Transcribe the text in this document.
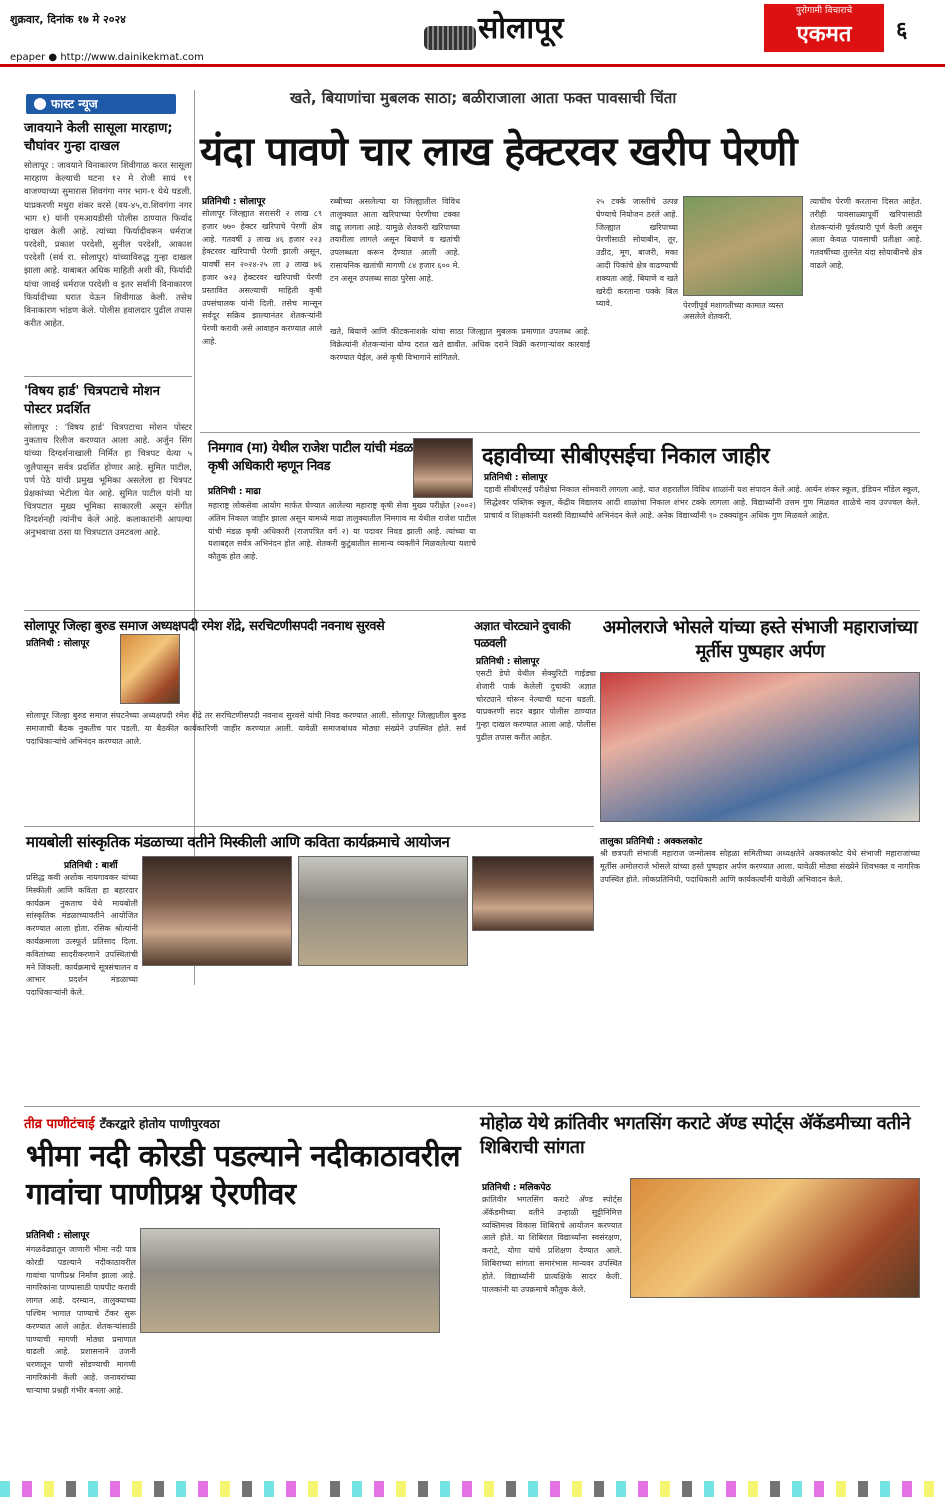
शुक्रवार, दिनांक १७ मे २०२४
epaper ● http://www.dainikekmat.com
सोलापूर	पुरोगामी विचाराचे
एकमत	६
फास्ट न्यूज
जावयाने केली सासूला मारहाण; चौघांवर गुन्हा दाखल
सोलापूर : जावयाने विनाकारण शिवीगाळ करत सासूला मारहाण केल्याची घटना १२ मे रोजी सायं ११ वाजण्याच्या सुमारास शिवगंगा नगर भाग-१ येथे घडली. याप्रकरणी मधुरा शंकर वरसे (वय-४५,रा.शिवगंगा नगर भाग १) यांनी एमआयडीसी पोलीस ठाण्यात फिर्याद दाखल केली आहे. त्यांच्या फिर्यादीवरून धर्मराज परदेशी, प्रकाश परदेशी, सुनील परदेशी, आकाश परदेशी (सर्व रा. सोलापूर) यांच्याविरुद्ध गुन्हा दाखल झाला आहे. याबाबत अधिक माहिती अशी की, फिर्यादी यांचा जावई धर्मराज परदेशी व इतर सर्वांनी विनाकारण फिर्यादीच्या घरात येऊन शिवीगाळ केली. तसेच विनाकारण भांडण केले. पोलीस हवालदार पुढील तपास करीत आहेत.
'विषय हार्ड' चित्रपटाचे मोशन पोस्टर प्रदर्शित
सोलापूर : 'विषय हार्ड' चित्रपटाचा मोशन पोस्टर नुकताच रिलीज करण्यात आला आहे. अर्जुन सिंग यांच्या दिग्दर्शनाखाली निर्मित हा चित्रपट येत्या ५ जुलैपासून सर्वत्र प्रदर्शित होणार आहे. सुमित पाटील, पर्ण पेठे यांची प्रमुख भूमिका असलेला हा चित्रपट प्रेक्षकांच्या भेटीला येत आहे. सुमित पाटील यांनी या चित्रपटात मुख्य भूमिका साकारली असून संगीत दिग्दर्शनही त्यांनीच केले आहे. कलाकारांनी आपल्या अनुभवाचा ठसा या चित्रपटात उमटवला आहे.
खते, बियाणांचा मुबलक साठा; बळीराजाला आता फक्त पावसाची चिंता
यंदा पावणे चार लाख हेक्टरवर खरीप पेरणी
प्रतिनिधी : सोलापूर
सोलापूर जिल्ह्यात सरासरी २ लाख ८९ हजार ७७० हेक्टर खरिपाचे पेरणी क्षेत्र आहे. गतवर्षी ३ लाख ४६ हजार २२३ हेक्टरवर खरिपाची पेरणी झाली असून, यावर्षी सन २०२४-२५ ला ३ लाख ७६ हजार ७२३ हेक्टरवर खरिपाची पेरणी प्रस्तावित असल्याची माहिती कृषी उपसंचालक यांनी दिली. तसेच मान्सून सर्वदूर सक्रिय झाल्यानंतर शेतकऱ्यांनी पेरणी करावी असे आवाहन करण्यात आले आहे.
रब्बीच्या असलेल्या या जिल्ह्यातील विविध तालुक्यात आता खरिपाच्या पेरणीचा टक्का वाढू लागला आहे. यामुळे शेतकरी खरिपाच्या तयारीला लागले असून बियाणे व खतांची उपलब्धता करून देण्यात आली आहे. रासायनिक खतांची मागणी ८४ हजार ६०० मे. टन असून उपलब्ध साठा पुरेसा आहे.
खते, बियाणे आणि कीटकनाशके यांचा साठा जिल्ह्यात मुबलक प्रमाणात उपलब्ध आहे. विक्रेत्यांनी शेतकऱ्यांना योग्य दरात खते द्यावीत. अधिक दराने विक्री करणाऱ्यांवर कारवाई करण्यात येईल, असे कृषी विभागाने सांगितले.
२५ टक्के जास्तीचे उत्पन्न घेण्याचे नियोजन ठरले आहे. जिल्ह्यात खरिपाच्या पेरणीसाठी सोयाबीन, तूर, उडीद, मूग, बाजरी, मका आदी पिकांचे क्षेत्र वाढण्याची शक्यता आहे. बियाणे व खते खरेदी करताना पक्के बिल घ्यावे.	पेरणीपूर्व मशागतीच्या कामात व्यस्त असलेले शेतकरी.
त्याचीच पेरणी करताना दिसत आहेत. तरीही पावसाळ्यापूर्वी खरिपासाठी शेतकऱ्यांनी पूर्वतयारी पूर्ण केली असून आता केवळ पावसाची प्रतीक्षा आहे. गतवर्षीच्या तुलनेत यंदा सोयाबीनचे क्षेत्र वाढले आहे.
निमगाव (मा) येथील राजेश पाटील यांची मंडळ कृषी अधिकारी म्हणून निवड
प्रतिनिधी : माढा
महाराष्ट्र लोकसेवा आयोग मार्फत घेण्यात आलेल्या महाराष्ट्र कृषी सेवा मुख्य परीक्षेत (२००२) अंतिम निकाल जाहीर झाला असून यामध्ये माढा तालुक्यातील निमगाव मा येथील राजेश पाटील यांची मंडळ कृषी अधिकारी (राजपत्रित वर्ग २) या पदावर निवड झाली आहे. त्यांच्या या यशाबद्दल सर्वत्र अभिनंदन होत आहे. शेतकरी कुटुंबातील सामान्य व्यक्तीने मिळवलेल्या यशाचे कौतुक होत आहे.
दहावीच्या सीबीएसईचा निकाल जाहीर
प्रतिनिधी : सोलापूर
दहावी सीबीएसई परीक्षेचा निकाल सोमवारी लागला आहे. यात शहरातील विविध शाळांनी यश संपादन केले आहे. आर्यन शंकर स्कूल, इंडियन मॉडेल स्कूल, सिद्धेश्वर पब्लिक स्कूल, केंद्रीय विद्यालय आदी शाळांचा निकाल शंभर टक्के लागला आहे. विद्यार्थ्यांनी उत्तम गुण मिळवत शाळेचे नाव उज्ज्वल केले. प्राचार्य व शिक्षकांनी यशस्वी विद्यार्थ्यांचे अभिनंदन केले आहे. अनेक विद्यार्थ्यांनी ९० टक्क्यांहून अधिक गुण मिळवले आहेत.
सोलापूर जिल्हा बुरुड समाज अध्यक्षपदी रमेश शेंद्रे, सरचिटणीसपदी नवनाथ सुरवसे
प्रतिनिधी : सोलापूर
सोलापूर जिल्हा बुरुड समाज संघटनेच्या अध्यक्षपदी रमेश शेंद्रे तर सरचिटणीसपदी नवनाथ सुरवसे यांची निवड करण्यात आली. सोलापूर जिल्ह्यातील बुरुड समाजाची बैठक नुकतीच पार पडली. या बैठकीत कार्यकारिणी जाहीर करण्यात आली. यावेळी समाजबांधव मोठ्या संख्येने उपस्थित होते. सर्व पदाधिकाऱ्यांचे अभिनंदन करण्यात आले.
अज्ञात चोरट्याने दुचाकी पळवली
प्रतिनिधी : सोलापूर
एसटी डेपो येथील सेक्युरिटी गाईड्या शेजारी पार्क केलेली दुचाकी अज्ञात चोरट्याने चोरून नेल्याची घटना घडली. याप्रकरणी सदर बझार पोलीस ठाण्यात गुन्हा दाखल करण्यात आला आहे. पोलीस पुढील तपास करीत आहेत.
अमोलराजे भोसले यांच्या हस्ते संभाजी महाराजांच्या मूर्तीस पुष्पहार अर्पण
मायबोली सांस्कृतिक मंडळाच्या वतीने मिस्कीली आणि कविता कार्यक्रमाचे आयोजन
प्रतिनिधी : बार्शी
प्रसिद्ध कवी अशोक नायगावकर यांच्या मिस्कीली आणि कविता हा बहारदार कार्यक्रम नुकताच येथे मायबोली सांस्कृतिक मंडळाच्यावतीने आयोजित करण्यात आला होता. रसिक श्रोत्यांनी कार्यक्रमाला उत्स्फूर्त प्रतिसाद दिला. कवितांच्या सादरीकरणाने उपस्थितांची मने जिंकली. कार्यक्रमाचे सूत्रसंचालन व आभार प्रदर्शन मंडळाच्या पदाधिकाऱ्यांनी केले.
तालुका प्रतिनिधी : अक्कलकोट
श्री छत्रपती संभाजी महाराज जन्मोत्सव सोहळा समितीच्या अध्यक्षतेने अक्कलकोट येथे संभाजी महाराजांच्या मूर्तीस अमोलराजे भोसले यांच्या हस्ते पुष्पहार अर्पण करण्यात आला. यावेळी मोठ्या संख्येने शिवभक्त व नागरिक उपस्थित होते. लोकप्रतिनिधी, पदाधिकारी आणि कार्यकर्त्यांनी यावेळी अभिवादन केले.
तीव्र पाणीटंचाई टँकरद्वारे होतोय पाणीपुरवठा
भीमा नदी कोरडी पडल्याने नदीकाठावरील गावांचा पाणीप्रश्न ऐरणीवर
प्रतिनिधी : सोलापूर
मंगळवेढ्यातून जाणारी भीमा नदी पात्र कोरडी पडल्याने नदीकाठावरील गावांचा पाणीप्रश्न निर्माण झाला आहे. नागरिकांना पाण्यासाठी पायपीट करावी लागत आहे. दरम्यान, तालुक्याच्या पश्चिम भागात पाण्याचे टँकर सुरू करण्यात आले आहेत. शेतकऱ्यांसाठी पाण्याची मागणी मोठ्या प्रमाणात वाढली आहे. प्रशासनाने उजनी धरणातून पाणी सोडण्याची मागणी नागरिकांनी केली आहे. जनावरांच्या चाऱ्याचा प्रश्नही गंभीर बनला आहे.
मोहोळ येथे क्रांतिवीर भगतसिंग कराटे अ‍ॅण्ड स्पोर्ट्स अ‍ॅकॅडमीच्या वतीने शिबिराची सांगता
प्रतिनिधी : मलिकपेठ
क्रांतिवीर भगतसिंग कराटे अ‍ॅण्ड स्पोर्ट्स अ‍ॅकॅडमीच्या वतीने उन्हाळी सुट्टीनिमित्त व्यक्तिमत्त्व विकास शिबिराचे आयोजन करण्यात आले होते. या शिबिरात विद्यार्थ्यांना स्वसंरक्षण, कराटे, योगा यांचे प्रशिक्षण देण्यात आले. शिबिराच्या सांगता समारंभास मान्यवर उपस्थित होते. विद्यार्थ्यांनी प्रात्यक्षिके सादर केली. पालकांनी या उपक्रमाचे कौतुक केले.
